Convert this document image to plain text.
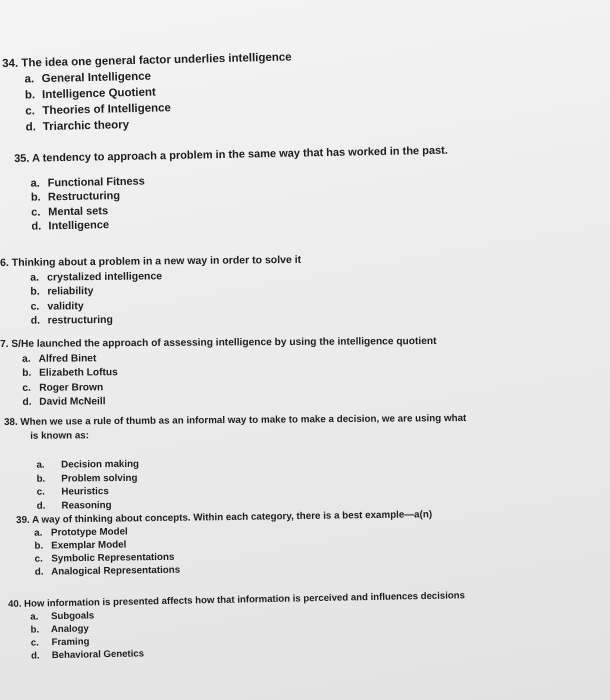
34. The idea one general factor underlies intelligence
a. General Intelligence
b. Intelligence Quotient
c. Theories of Intelligence
d. Triarchic theory
35. A tendency to approach a problem in the same way that has worked in the past.
a. Functional Fitness
b. Restructuring
c. Mental sets
d. Intelligence
6. Thinking about a problem in a new way in order to solve it
a. crystalized intelligence
b. reliability
c. validity
d. restructuring
7. S/He launched the approach of assessing intelligence by using the intelligence quotient
a. Alfred Binet
b. Elizabeth Loftus
c. Roger Brown
d. David McNeill
38. When we use a rule of thumb as an informal way to make to make a decision, we are using what
is known as:
a. Decision making
b. Problem solving
c. Heuristics
d. Reasoning
39. A way of thinking about concepts. Within each category, there is a best example—a(n)
a. Prototype Model
b. Exemplar Model
c. Symbolic Representations
d. Analogical Representations
40. How information is presented affects how that information is perceived and influences decisions
a. Subgoals
b. Analogy
c. Framing
d. Behavioral Genetics
